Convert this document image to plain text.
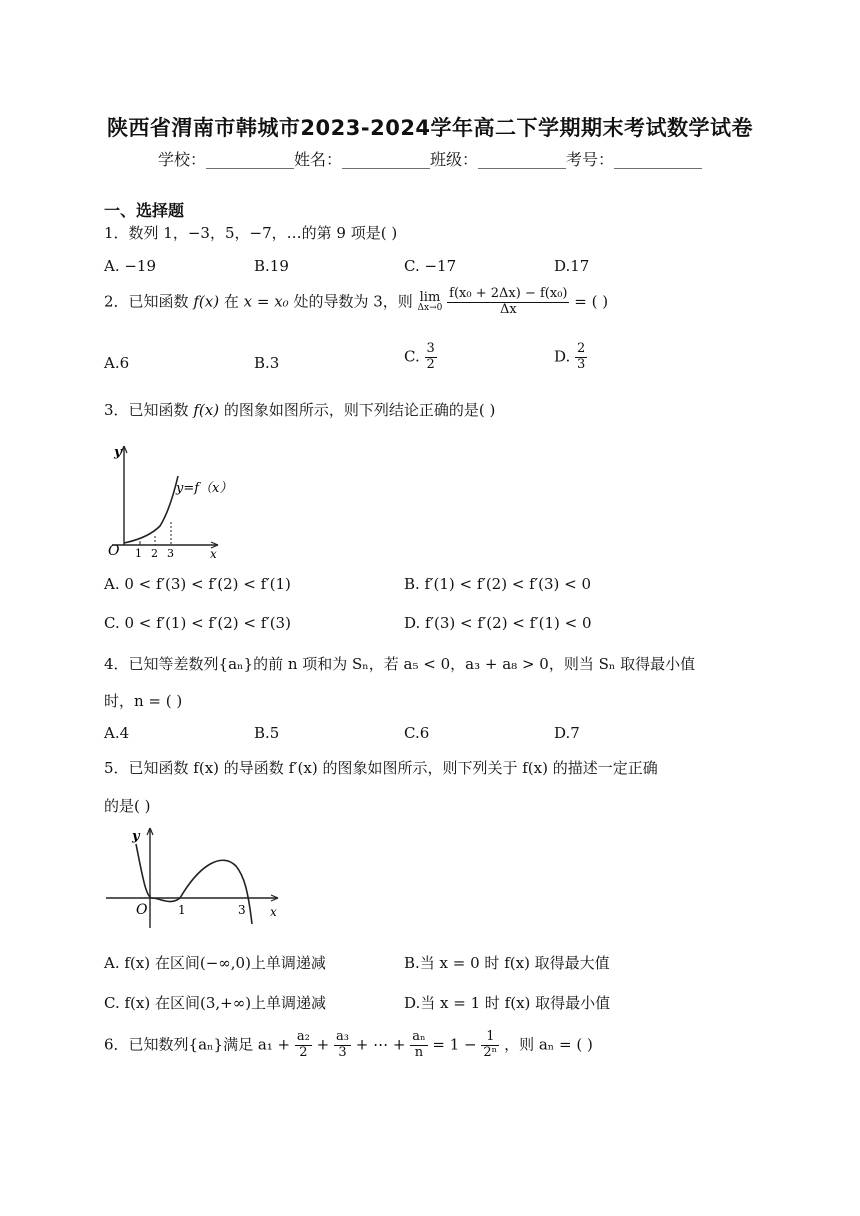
陕西省渭南市韩城市2023-2024学年高二下学期期末考试数学试卷
学校：___________姓名：___________班级：___________考号：___________
一、选择题
1．数列 1，−3，5，−7，…的第 9 项是( )
A. −19	B.19	C. −17	D.17
2．已知函数 f(x) 在 x = x₀ 处的导数为 3，则 lim
Δx→0
$\frac{\text{f(x₀ + 2Δx) − f(x₀)}}{\Delta x}$ = ( )
A.6	B.3	C. $\frac{3}{2}$	D. $\frac{2}{3}$
3．已知函数 f(x) 的图象如图所示，则下列结论正确的是( )
y
x
O 1 2 3
y=f（x）
A. 0 < f′(3) < f′(2) < f′(1)	B. f′(1) < f′(2) < f′(3) < 0
C. 0 < f′(1) < f′(2) < f′(3)	D. f′(3) < f′(2) < f′(1) < 0
4．已知等差数列{aₙ}的前 n 项和为 Sₙ，若 a₅ < 0，a₃ + a₈ > 0，则当 Sₙ 取得最小值
时，n = ( )
A.4	B.5	C.6	D.7
5．已知函数 f(x) 的导函数 f′(x) 的图象如图所示，则下列关于 f(x) 的描述一定正确
的是( )
y
x
O	1	3
A. f(x) 在区间(−∞,0)上单调递减	B.当 x = 0 时 f(x) 取得最大值
C. f(x) 在区间(3,+∞)上单调递减	D.当 x = 1 时 f(x) 取得最小值
6．已知数列{aₙ}满足 $a_1 + \frac{\text{a₂}}{2} + \frac{\text{a₃}}{3}$ + ⋯ + $\frac{\text{aₙ}}{n} = 1 - \frac{1}{\text{2ⁿ}}$ ，则 aₙ = ( )
